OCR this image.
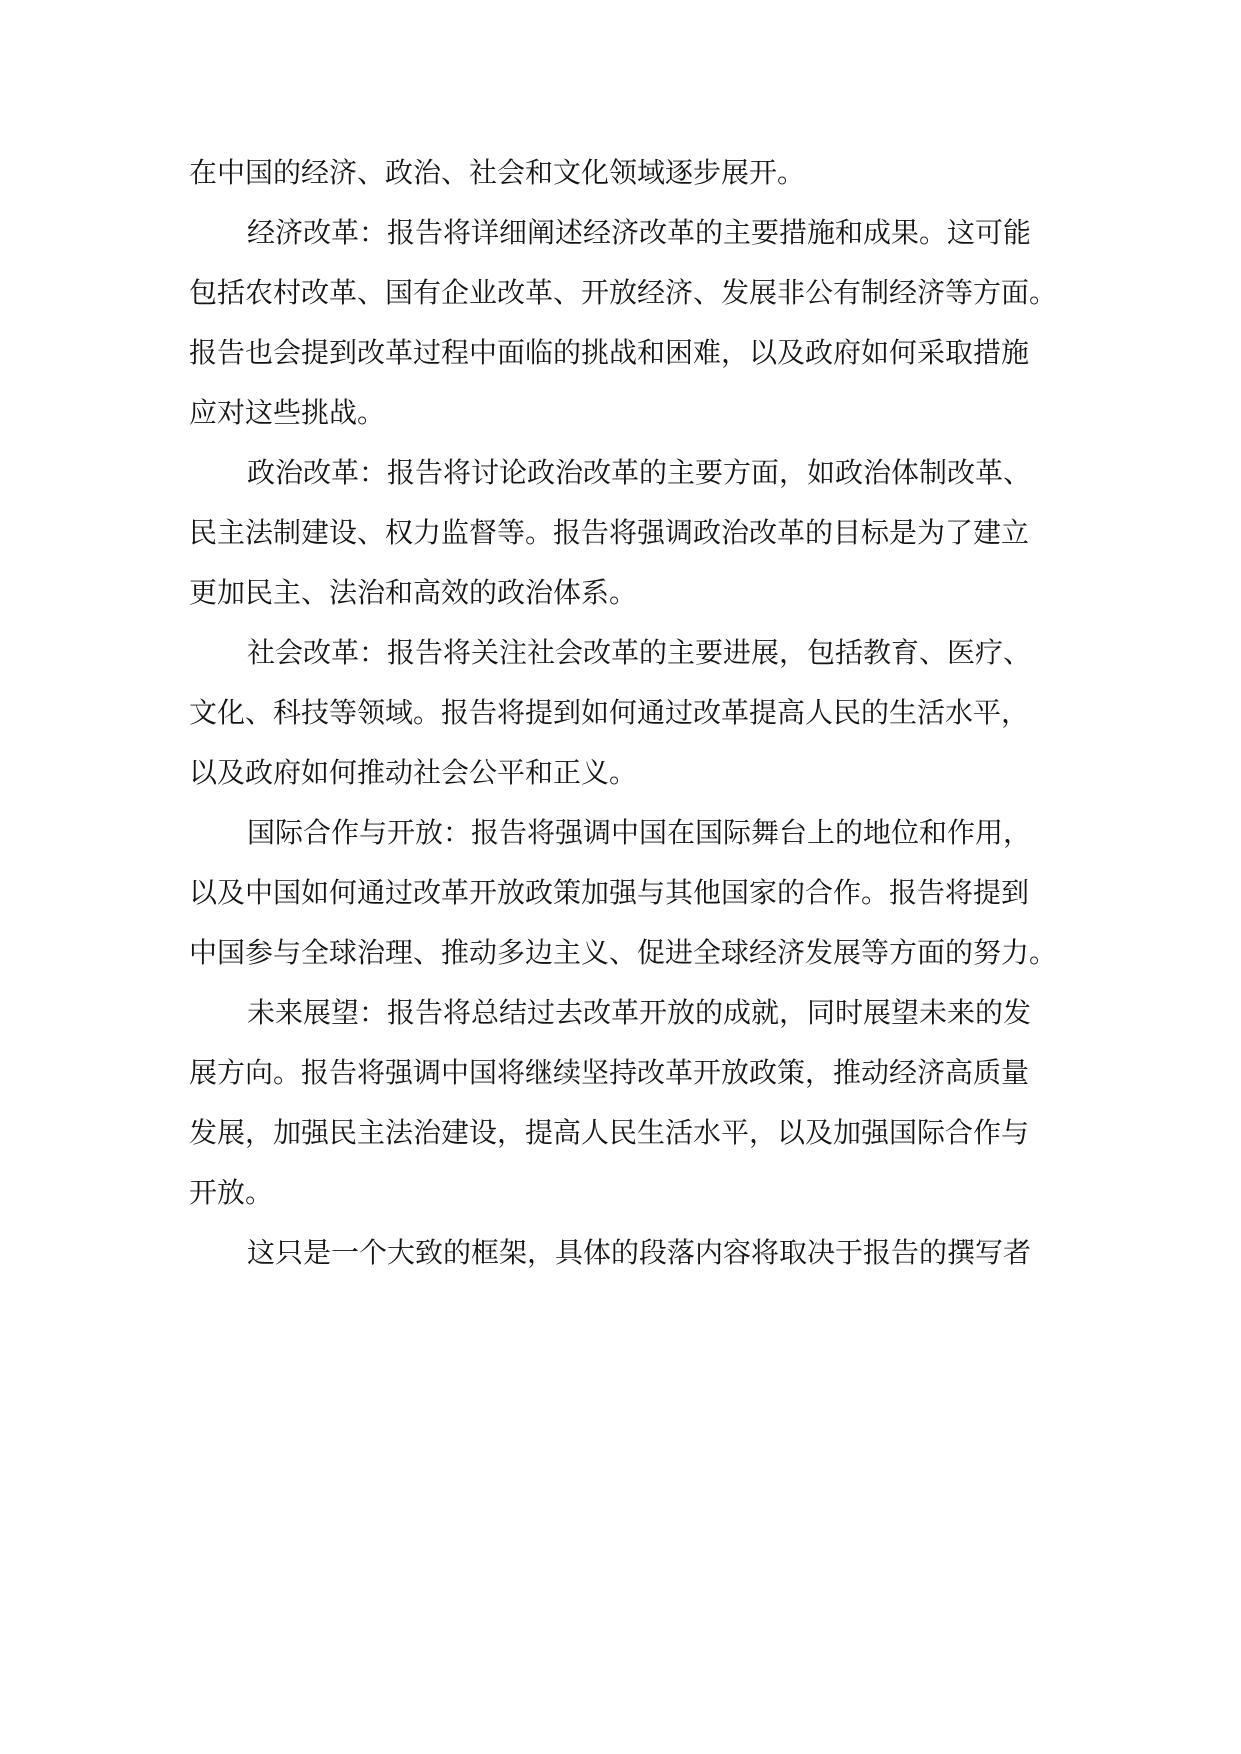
在中国的经济、政治、社会和文化领域逐步展开。
经济改革：报告将详细阐述经济改革的主要措施和成果。这可能
包括农村改革、国有企业改革、开放经济、发展非公有制经济等方面。
报告也会提到改革过程中面临的挑战和困难，以及政府如何采取措施
应对这些挑战。
政治改革：报告将讨论政治改革的主要方面，如政治体制改革、
民主法制建设、权力监督等。报告将强调政治改革的目标是为了建立
更加民主、法治和高效的政治体系。
社会改革：报告将关注社会改革的主要进展，包括教育、医疗、
文化、科技等领域。报告将提到如何通过改革提高人民的生活水平，
以及政府如何推动社会公平和正义。
国际合作与开放：报告将强调中国在国际舞台上的地位和作用，
以及中国如何通过改革开放政策加强与其他国家的合作。报告将提到
中国参与全球治理、推动多边主义、促进全球经济发展等方面的努力。
未来展望：报告将总结过去改革开放的成就，同时展望未来的发
展方向。报告将强调中国将继续坚持改革开放政策，推动经济高质量
发展，加强民主法治建设，提高人民生活水平，以及加强国际合作与
开放。
这只是一个大致的框架，具体的段落内容将取决于报告的撰写者
